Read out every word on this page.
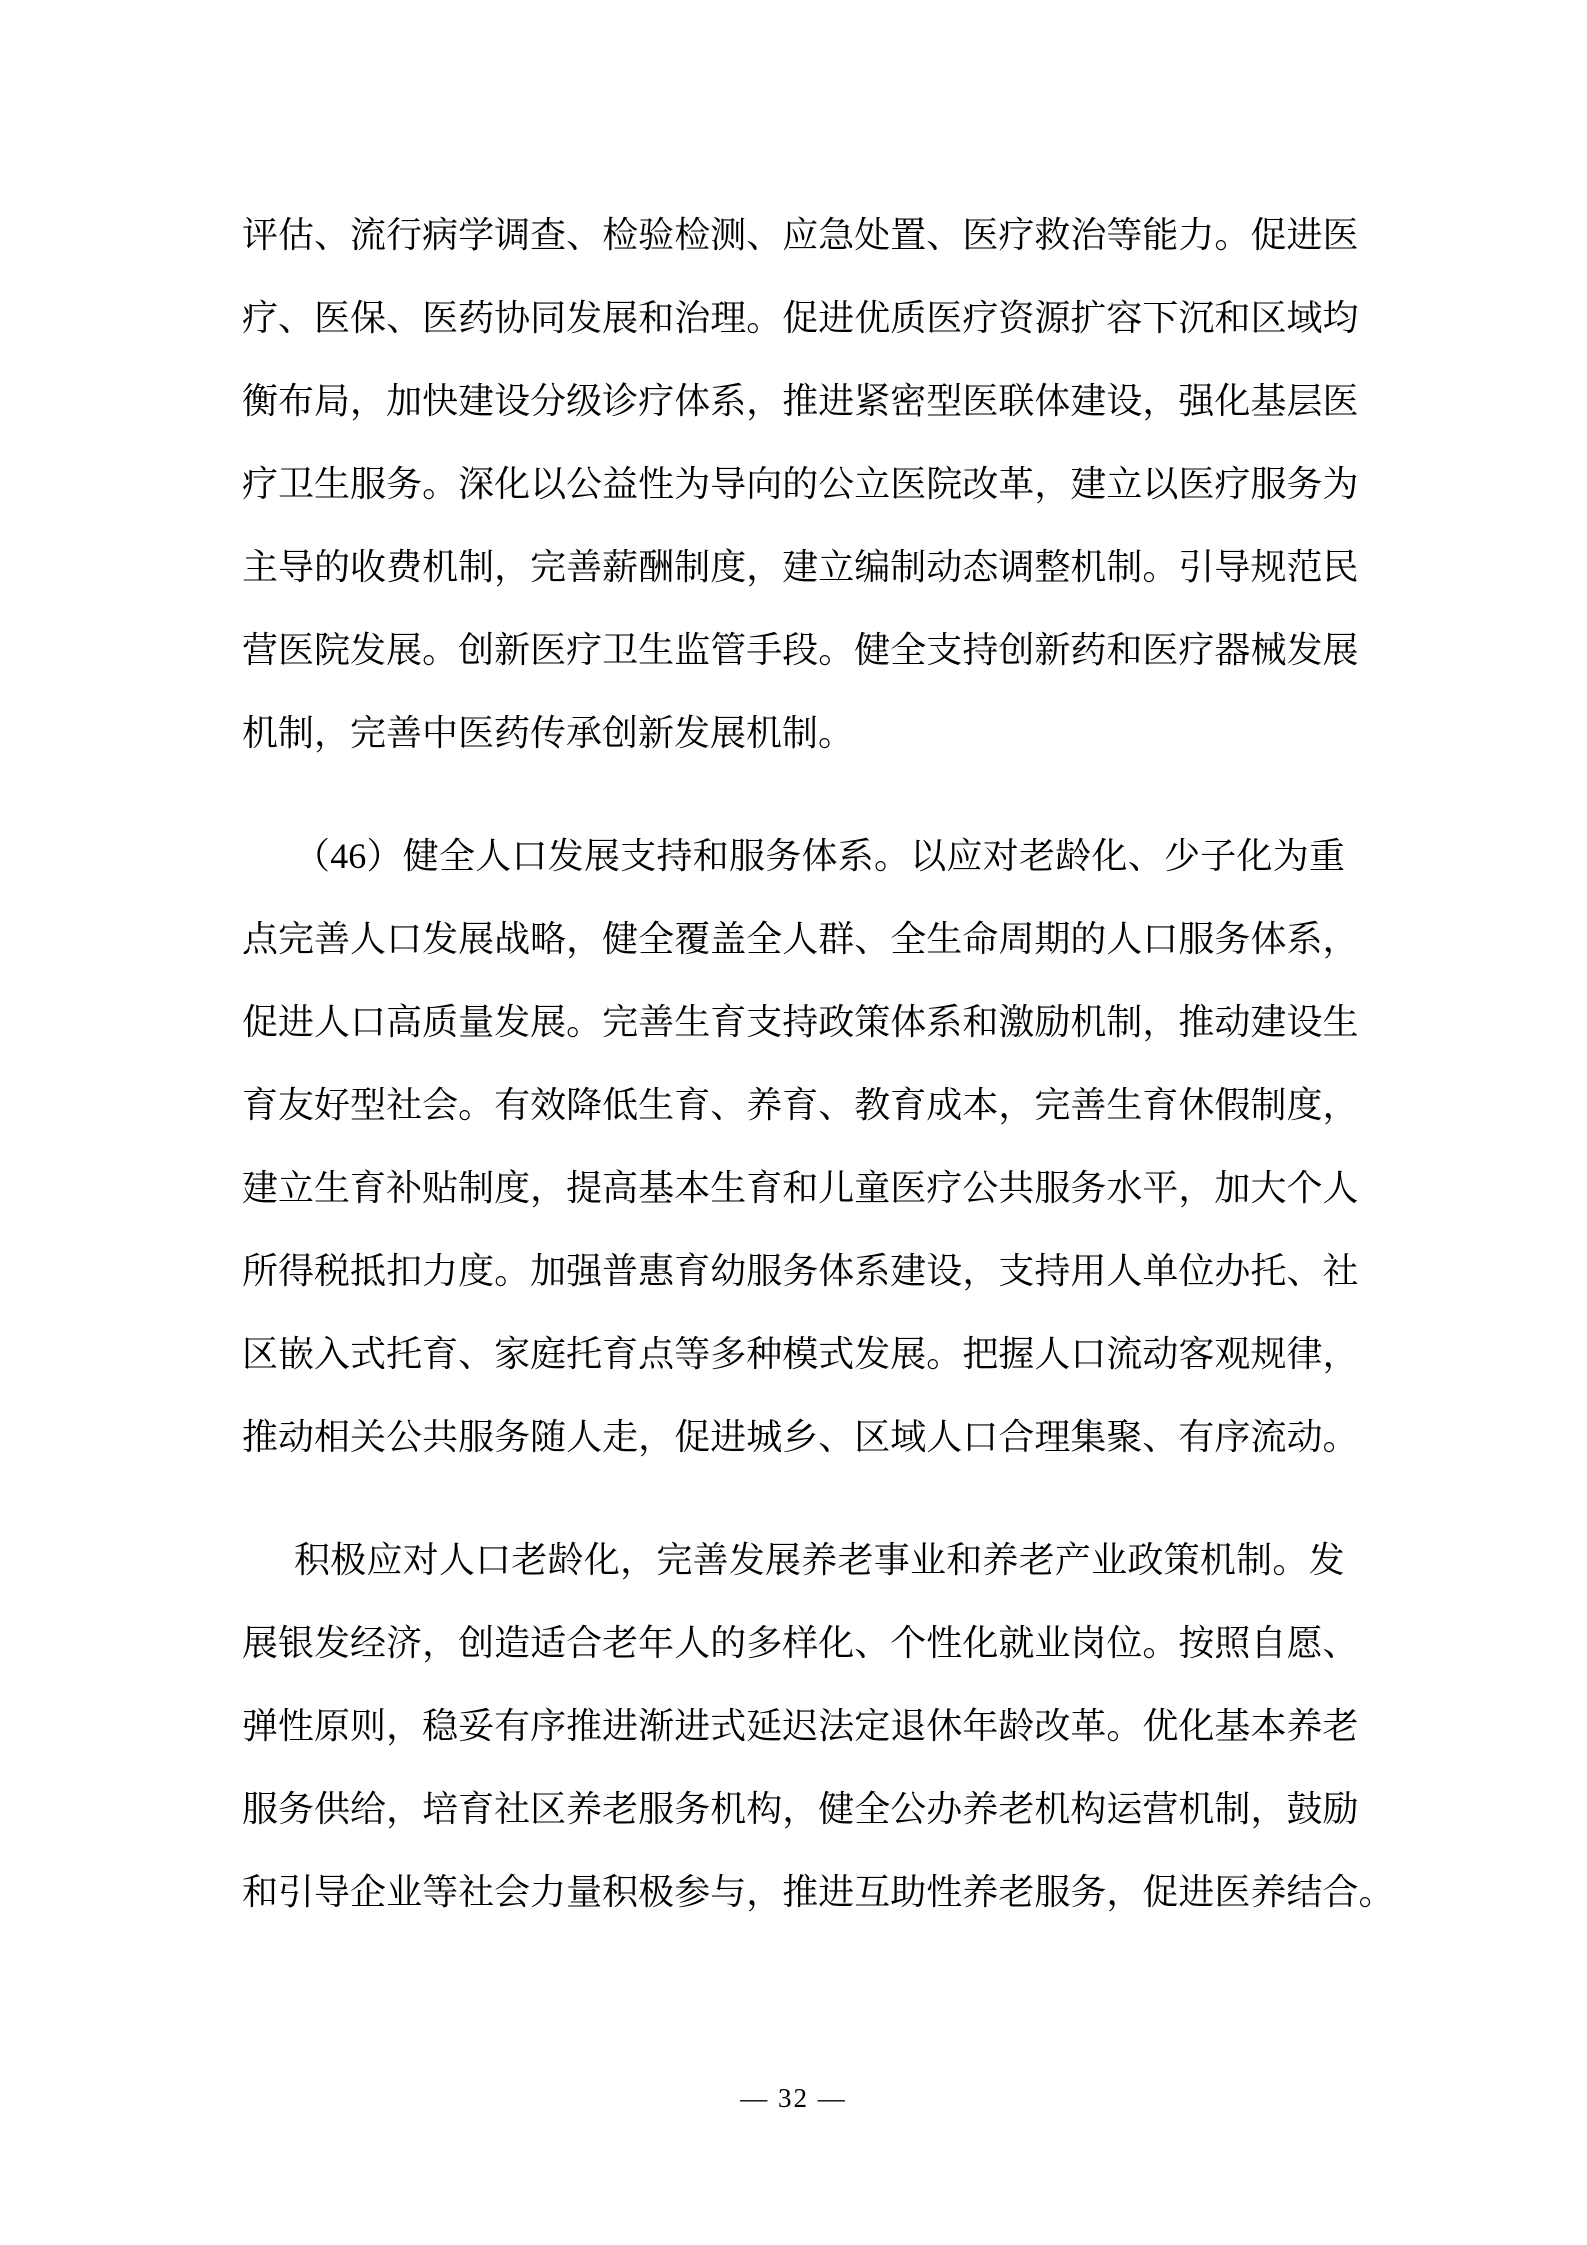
评 估 、 流 行 病 学 调 查 、 检 验 检 测 、 应 急 处 置 、 医 疗 救 治 等 能 力 。 促 进 医
疗 、 医 保 、 医 药 协 同 发 展 和 治 理 。 促 进 优 质 医 疗 资 源 扩 容 下 沉 和 区 域 均
衡 布 局 ， 加 快 建 设 分 级 诊 疗 体 系 ， 推 进 紧 密 型 医 联 体 建 设 ， 强 化 基 层 医
疗 卫 生 服 务 。 深 化 以 公 益 性 为 导 向 的 公 立 医 院 改 革 ， 建 立 以 医 疗 服 务 为
主 导 的 收 费 机 制 ， 完 善 薪 酬 制 度 ， 建 立 编 制 动 态 调 整 机 制 。 引 导 规 范 民
营 医 院 发 展 。 创 新 医 疗 卫 生 监 管 手 段 。 健 全 支 持 创 新 药 和 医 疗 器 械 发 展
机 制 ， 完 善 中 医 药 传 承 创 新 发 展 机 制 。
（ 46 ） 健 全 人 口 发 展 支 持 和 服 务 体 系 。 以 应 对 老 龄 化 、 少 子 化 为 重
点 完 善 人 口 发 展 战 略 ， 健 全 覆 盖 全 人 群 、 全 生 命 周 期 的 人 口 服 务 体 系 ，
促 进 人 口 高 质 量 发 展 。 完 善 生 育 支 持 政 策 体 系 和 激 励 机 制 ， 推 动 建 设 生
育 友 好 型 社 会 。 有 效 降 低 生 育 、 养 育 、 教 育 成 本 ， 完 善 生 育 休 假 制 度 ，
建 立 生 育 补 贴 制 度 ， 提 高 基 本 生 育 和 儿 童 医 疗 公 共 服 务 水 平 ， 加 大 个 人
所 得 税 抵 扣 力 度 。 加 强 普 惠 育 幼 服 务 体 系 建 设 ， 支 持 用 人 单 位 办 托 、 社
区 嵌 入 式 托 育 、 家 庭 托 育 点 等 多 种 模 式 发 展 。 把 握 人 口 流 动 客 观 规 律 ，
推 动 相 关 公 共 服 务 随 人 走 ， 促 进 城 乡 、 区 域 人 口 合 理 集 聚 、 有 序 流 动 。
积 极 应 对 人 口 老 龄 化 ， 完 善 发 展 养 老 事 业 和 养 老 产 业 政 策 机 制 。 发
展 银 发 经 济 ， 创 造 适 合 老 年 人 的 多 样 化 、 个 性 化 就 业 岗 位 。 按 照 自 愿 、
弹 性 原 则 ， 稳 妥 有 序 推 进 渐 进 式 延 迟 法 定 退 休 年 龄 改 革 。 优 化 基 本 养 老
服 务 供 给 ， 培 育 社 区 养 老 服 务 机 构 ， 健 全 公 办 养 老 机 构 运 营 机 制 ， 鼓 励
和 引 导 企 业 等 社 会 力 量 积 极 参 与 ， 推 进 互 助 性 养 老 服 务 ， 促 进 医 养 结 合 。
— 32 —
